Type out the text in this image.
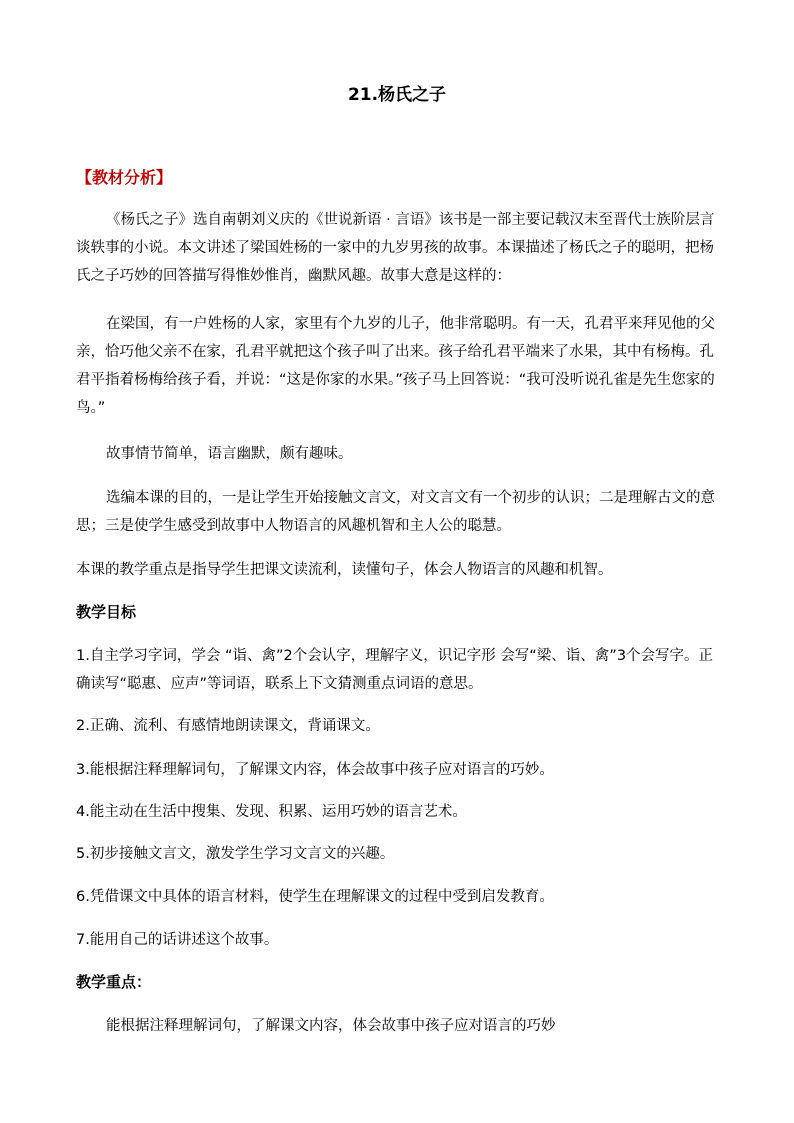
21.杨氏之子

【教材分析】

《杨氏之子》选自南朝刘义庆的《世说新语 · 言语》该书是一部主要记载汉末至晋代士族阶层言谈轶事的小说。本文讲述了梁国姓杨的一家中的九岁男孩的故事。本课描述了杨氏之子的聪明，把杨氏之子巧妙的回答描写得惟妙惟肖，幽默风趣。故事大意是这样的：

在梁国，有一户姓杨的人家，家里有个九岁的儿子，他非常聪明。有一天，孔君平来拜见他的父亲，恰巧他父亲不在家，孔君平就把这个孩子叫了出来。孩子给孔君平端来了水果，其中有杨梅。孔君平指着杨梅给孩子看，并说：“这是你家的水果。”孩子马上回答说：“我可没听说孔雀是先生您家的鸟。”

故事情节简单，语言幽默，颇有趣味。

选编本课的目的，一是让学生开始接触文言文，对文言文有一个初步的认识；二是理解古文的意思；三是使学生感受到故事中人物语言的风趣机智和主人公的聪慧。

本课的教学重点是指导学生把课文读流利，读懂句子，体会人物语言的风趣和机智。

教学目标

1.自主学习字词，学会 “诣、禽”2个会认字，理解字义，识记字形 会写“梁、诣、禽”3个会写字。正确读写“聪惠、应声”等词语，联系上下文猜测重点词语的意思。

2.正确、流利、有感情地朗读课文，背诵课文。

3.能根据注释理解词句，了解课文内容，体会故事中孩子应对语言的巧妙。

4.能主动在生活中搜集、发现、积累、运用巧妙的语言艺术。

5.初步接触文言文，激发学生学习文言文的兴趣。

6.凭借课文中具体的语言材料，使学生在理解课文的过程中受到启发教育。

7.能用自己的话讲述这个故事。

教学重点：

能根据注释理解词句，了解课文内容，体会故事中孩子应对语言的巧妙
